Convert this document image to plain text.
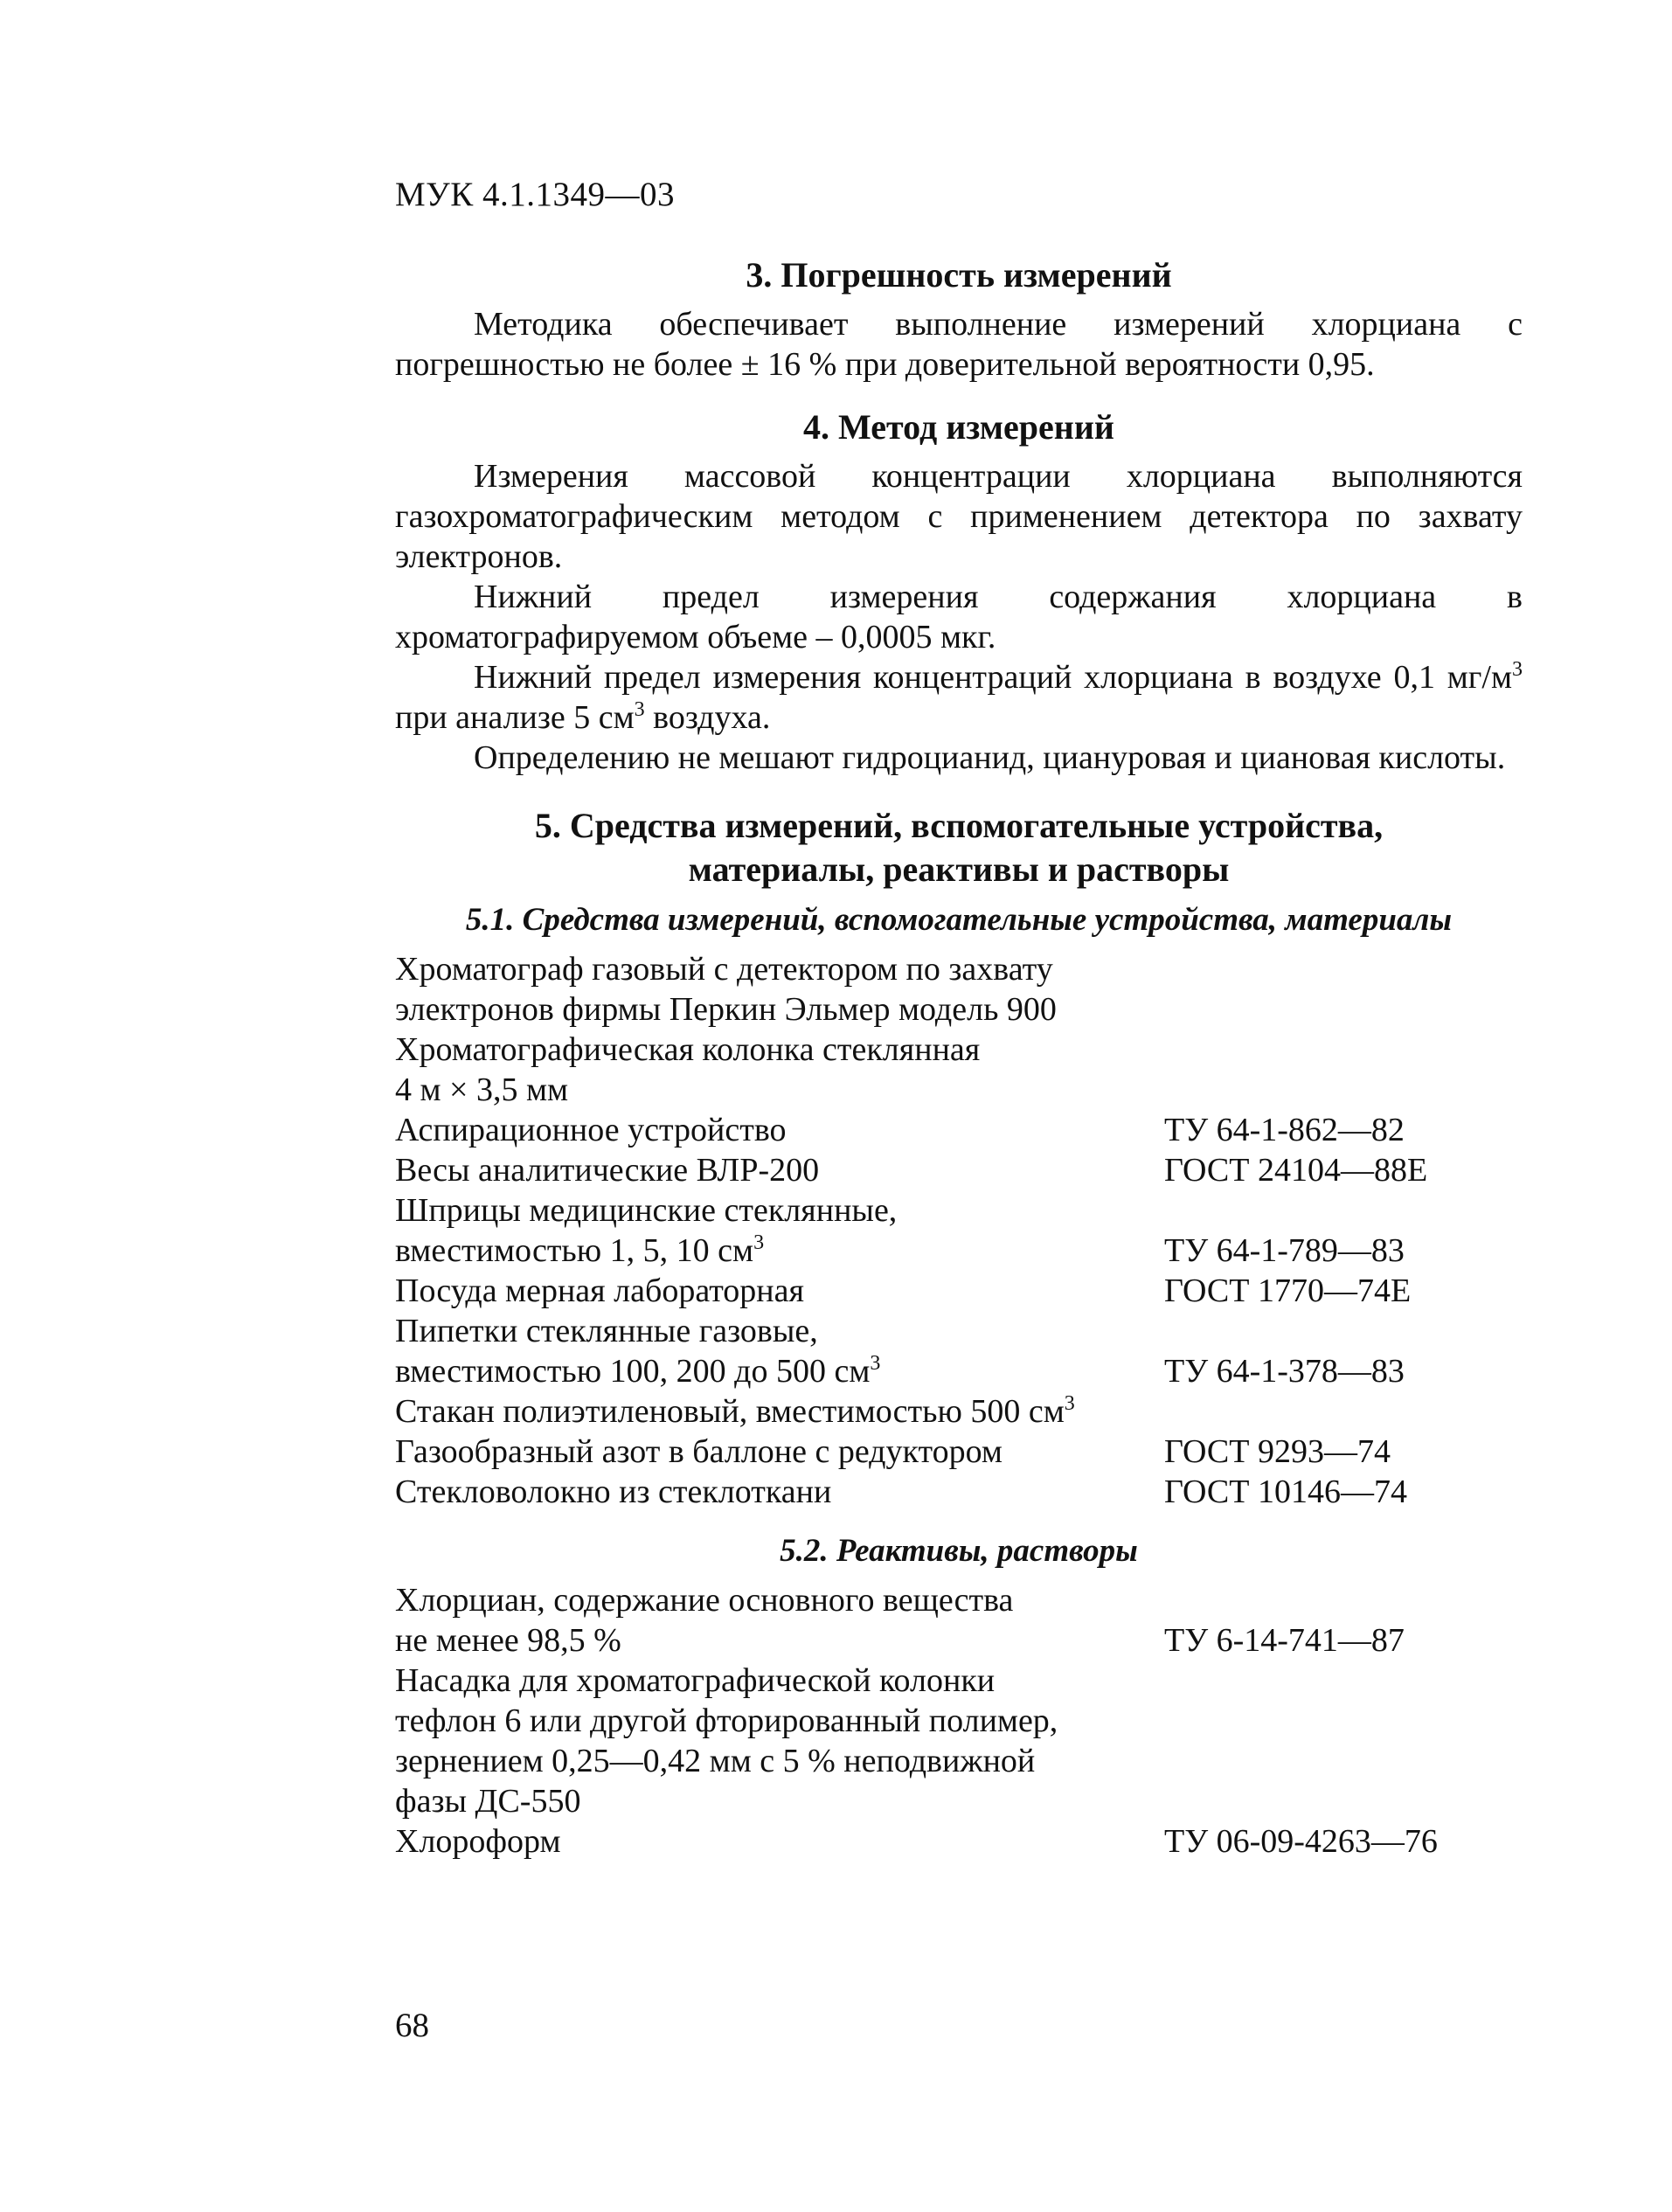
МУК 4.1.1349—03
3. Погрешность измерений

Методика обеспечивает выполнение измерений хлорциана с погрешностью не более ± 16 % при доверительной вероятности 0,95.

4. Метод измерений

Измерения массовой концентрации хлорциана выполняются газохроматографическим методом с применением детектора по захвату электронов.

Нижний предел измерения содержания хлорциана в хроматографируемом объеме – 0,0005 мкг.

Нижний предел измерения концентраций хлорциана в воздухе 0,1 $мг/м^3$ при анализе 5 $см^3$ воздуха.

Определению не мешают гидроцианид, циануровая и циановая кислоты.

5. Средства измерений, вспомогательные устройства,
материалы, реактивы и растворы
5.1. Средства измерений, вспомогательные устройства, материалы
Хроматограф газовый с детектором по захвату
электронов фирмы Перкин Эльмер модель 900	
Хроматографическая колонка стеклянная
4 м × 3,5 мм	
Аспирационное устройство	ТУ 64-1-862—82
Весы аналитические ВЛР-200	ГОСТ 24104—88Е
Шприцы медицинские стеклянные,
вместимостью 1, 5, 10 $см^3$	ТУ 64-1-789—83
Посуда мерная лабораторная	ГОСТ 1770—74Е
Пипетки стеклянные газовые,
вместимостью 100, 200 до 500 $см^3$	ТУ 64-1-378—83
Стакан полиэтиленовый, вместимостью 500 $см^3$
Газообразный азот в баллоне с редуктором	ГОСТ 9293—74
Стекловолокно из стеклоткани	ГОСТ 10146—74
5.2. Реактивы, растворы
Хлорциан, содержание основного вещества
не менее 98,5 %	ТУ 6-14-741—87
Насадка для хроматографической колонки
тефлон 6 или другой фторированный полимер,
зернением 0,25—0,42 мм с 5 % неподвижной
фазы ДС-550	
Хлороформ	ТУ 06-09-4263—76
68
